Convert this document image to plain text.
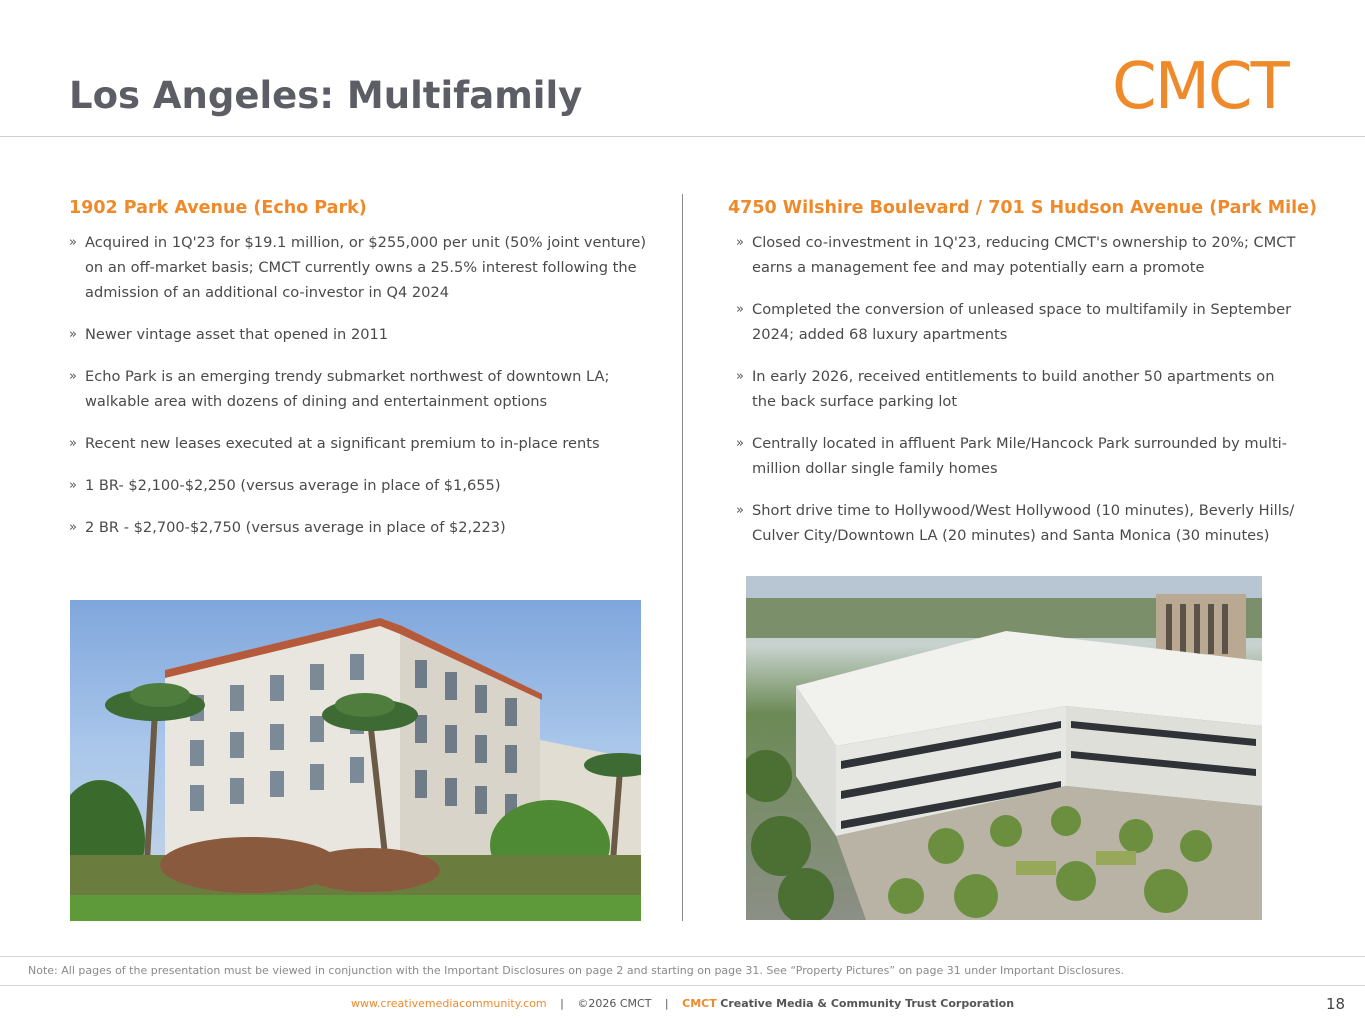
Los Angeles: Multifamily	CMCT
1902 Park Avenue (Echo Park)
» Acquired in 1Q'23 for $19.1 million, or $255,000 per unit (50% joint venture) on an off-market basis; CMCT currently owns a 25.5% interest following the admission of an additional co-investor in Q4 2024
» Newer vintage asset that opened in 2011
» Echo Park is an emerging trendy submarket northwest of downtown LA; walkable area with dozens of dining and entertainment options
» Recent new leases executed at a significant premium to in-place rents
» 1 BR- $2,100-$2,250 (versus average in place of $1,655)
» 2 BR - $2,700-$2,750 (versus average in place of $2,223)
4750 Wilshire Boulevard / 701 S Hudson Avenue (Park Mile)
» Closed co-investment in 1Q'23, reducing CMCT's ownership to 20%; CMCT earns a management fee and may potentially earn a promote
» Completed the conversion of unleased space to multifamily in September 2024; added 68 luxury apartments
» In early 2026, received entitlements to build another 50 apartments on the back surface parking lot
» Centrally located in affluent Park Mile/Hancock Park surrounded by multi-million dollar single family homes
» Short drive time to Hollywood/West Hollywood (10 minutes), Beverly Hills/ Culver City/Downtown LA (20 minutes) and Santa Monica (30 minutes)
Note: All pages of the presentation must be viewed in conjunction with the Important Disclosures on page 2 and starting on page 31. See “Property Pictures” on page 31 under Important Disclosures.
www.creativemediacommunity.com | ©2026 CMCT | CMCT Creative Media & Community Trust Corporation	18
